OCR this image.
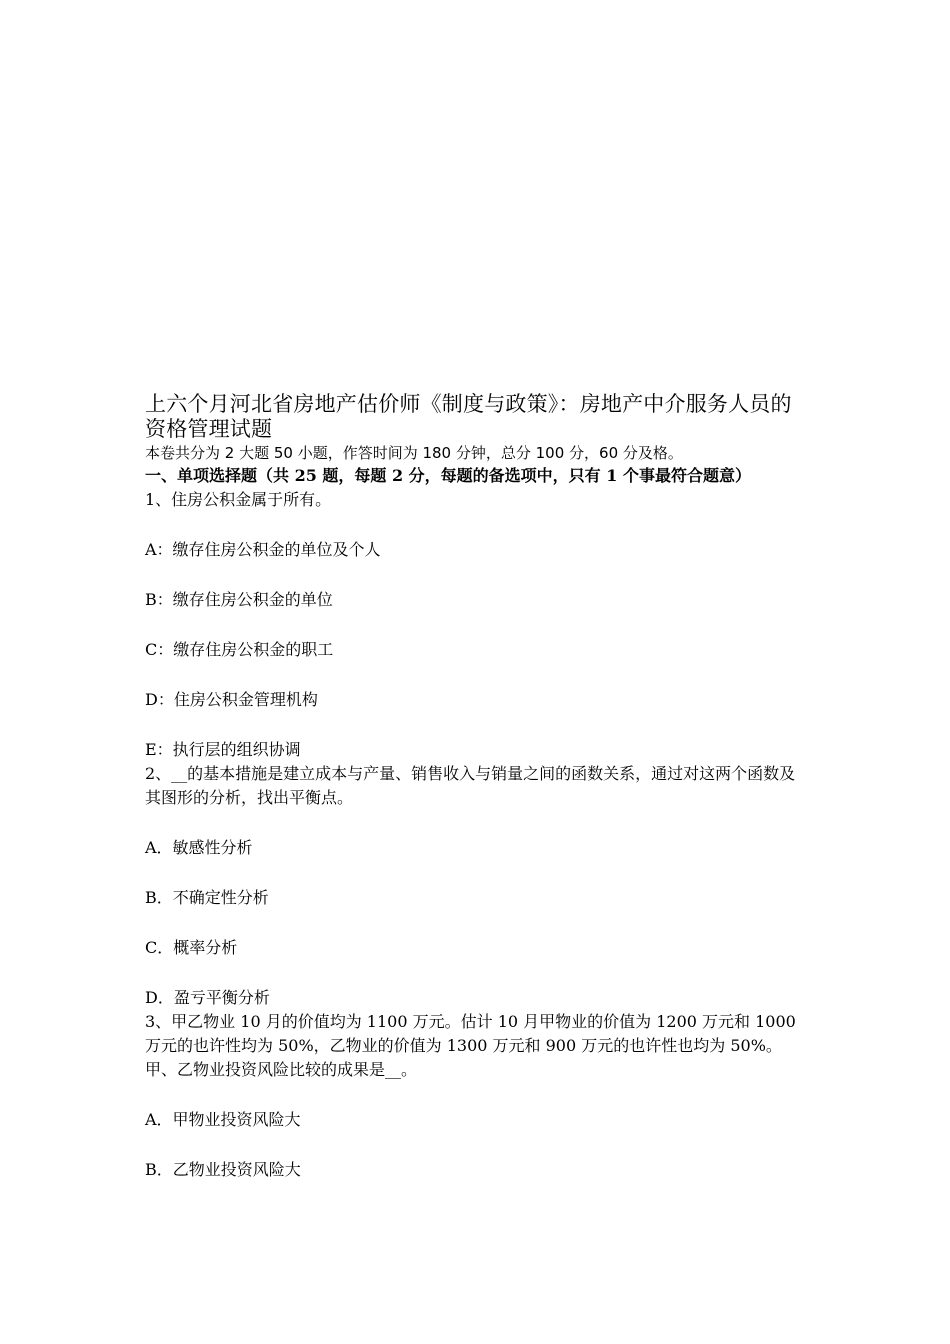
上六个月河北省房地产估价师《制度与政策》：房地产中介服务人员的资格管理试题

本卷共分为 2 大题 50 小题，作答时间为 180 分钟，总分 100 分，60 分及格。

一、单项选择题（共 25 题，每题 2 分，每题的备选项中，只有 1 个事最符合题意）

1、住房公积金属于所有。

A：缴存住房公积金的单位及个人

B：缴存住房公积金的单位

C：缴存住房公积金的职工

D：住房公积金管理机构

E：执行层的组织协调

2、__的基本措施是建立成本与产量、销售收入与销量之间的函数关系，通过对这两个函数及其图形的分析，找出平衡点。

A．敏感性分析

B．不确定性分析

C．概率分析

D．盈亏平衡分析

3、甲乙物业 10 月的价值均为 1100 万元。估计 10 月甲物业的价值为 1200 万元和 1000 万元的也许性均为 50%，乙物业的价值为 1300 万元和 900 万元的也许性也均为 50%。甲、乙物业投资风险比较的成果是__。

A．甲物业投资风险大

B．乙物业投资风险大
